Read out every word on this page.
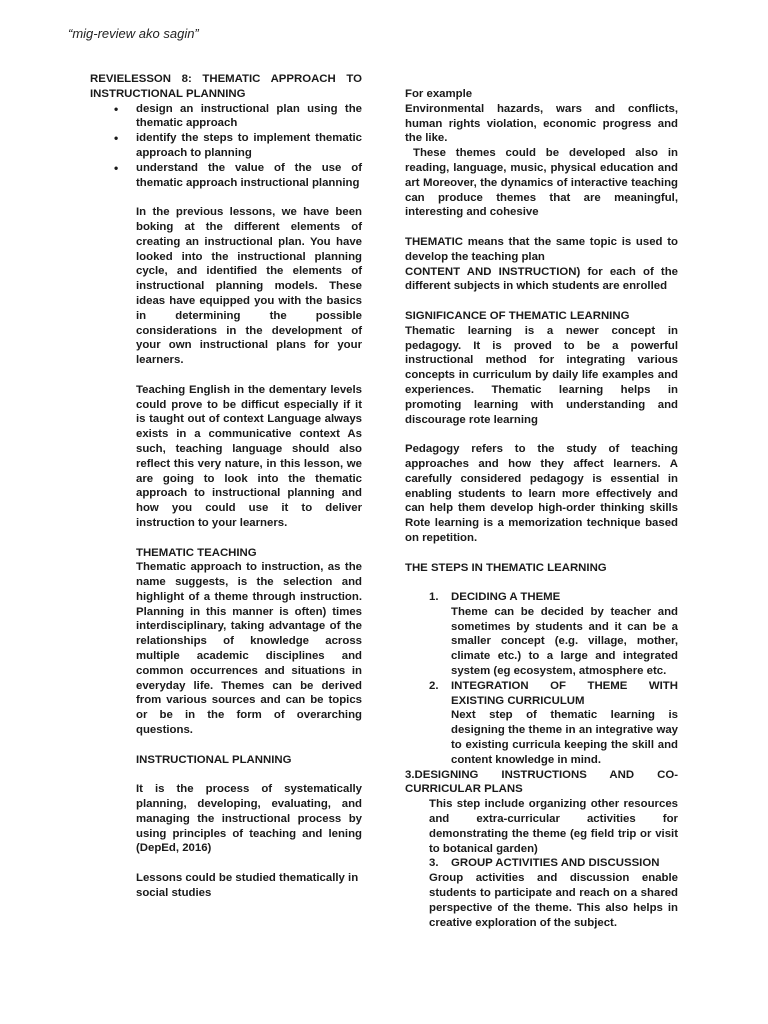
“mig-review ako sagin”

REVIELESSON 8: THEMATIC APPROACH TO INSTRUCTIONAL PLANNING

• design an instructional plan using the thematic approach
• identify the steps to implement thematic approach to planning
• understand the value of the use of thematic approach instructional planning

In the previous lessons, we have been boking at the different elements of creating an instructional plan. You have looked into the instructional planning cycle, and identified the elements of instructional planning models. These ideas have equipped you with the basics in determining the possible considerations in the development of your own instructional plans for your learners.

Teaching English in the dementary levels could prove to be difficut especially if it is taught out of context Language always exists in a communicative context As such, teaching language should also reflect this very nature, in this lesson, we are going to look into the thematic approach to instructional planning and how you could use it to deliver instruction to your learners.

THEMATIC TEACHING

Thematic approach to instruction, as the name suggests, is the selection and highlight of a theme through instruction. Planning in this manner is often) times interdisciplinary, taking advantage of the relationships of knowledge across multiple academic disciplines and common occurrences and situations in everyday life. Themes can be derived from various sources and can be topics or be in the form of overarching questions.

INSTRUCTIONAL PLANNING

It is the process of systematically planning, developing, evaluating, and managing the instructional process by using principles of teaching and lening (DepEd, 2016)

Lessons could be studied thematically in social studies

For example

Environmental hazards, wars and conflicts, human rights violation, economic progress and the like.

These themes could be developed also in reading, language, music, physical education and art Moreover, the dynamics of interactive teaching can produce themes that are meaningful, interesting and cohesive

THEMATIC means that the same topic is used to develop the teaching plan

CONTENT AND INSTRUCTION) for each of the different subjects in which students are enrolled

SIGNIFICANCE OF THEMATIC LEARNING

Thematic learning is a newer concept in pedagogy. It is proved to be a powerful instructional method for integrating various concepts in curriculum by daily life examples and experiences. Thematic learning helps in promoting learning with understanding and discourage rote learning

Pedagogy refers to the study of teaching approaches and how they affect learners. A carefully considered pedagogy is essential in enabling students to learn more effectively and can help them develop high-order thinking skills Rote learning is a memorization technique based on repetition.

THE STEPS IN THEMATIC LEARNING

1.	DECIDING A THEME

Theme can be decided by teacher and sometimes by students and it can be a smaller concept (e.g. village, mother, climate etc.) to a large and integrated system (eg ecosystem, atmosphere etc.

2.	INTEGRATION OF THEME WITH EXISTING CURRICULUM

Next step of thematic learning is designing the theme in an integrative way to existing curricula keeping the skill and content knowledge in mind.

3.DESIGNING INSTRUCTIONS AND CO-CURRICULAR PLANS

This step include organizing other resources and extra-curricular activities for demonstrating the theme (eg field trip or visit to botanical garden)

3.	GROUP ACTIVITIES AND DISCUSSION

Group activities and discussion enable students to participate and reach on a shared perspective of the theme. This also helps in creative exploration of the subject.
